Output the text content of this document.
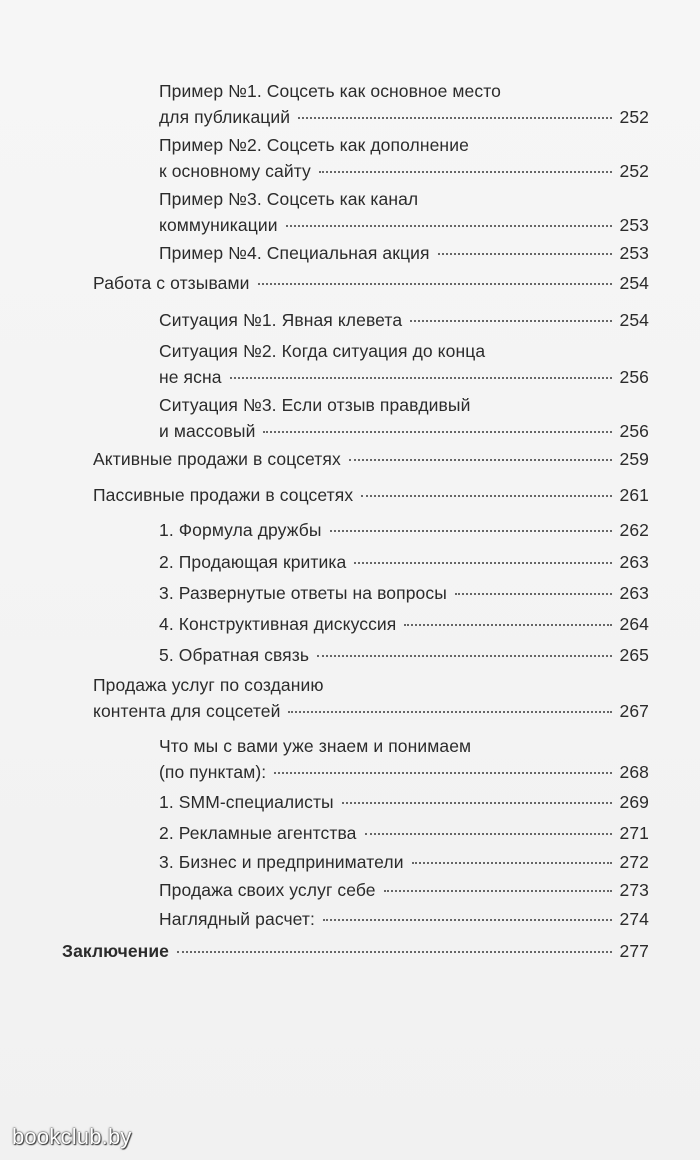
Пример №1. Соцсеть как основное место
для публикаций	252
Пример №2. Соцсеть как дополнение
к основному сайту	252
Пример №3. Соцсеть как канал
коммуникации	253
Пример №4. Специальная акция	253
Работа с отзывами	254
Ситуация №1. Явная клевета	254
Ситуация №2. Когда ситуация до конца
не ясна	256
Ситуация №3. Если отзыв правдивый
и массовый	256
Активные продажи в соцсетях	259
Пассивные продажи в соцсетях	261
1. Формула дружбы	262
2. Продающая критика	263
3. Развернутые ответы на вопросы	263
4. Конструктивная дискуссия	264
5. Обратная связь	265
Продажа услуг по созданию
контента для соцсетей	267
Что мы с вами уже знаем и понимаем
(по пунктам):	268
1. SMM-специалисты	269
2. Рекламные агентства	271
3. Бизнес и предприниматели	272
Продажа своих услуг себе	273
Наглядный расчет:	274
Заключение	277
bookclub.by
